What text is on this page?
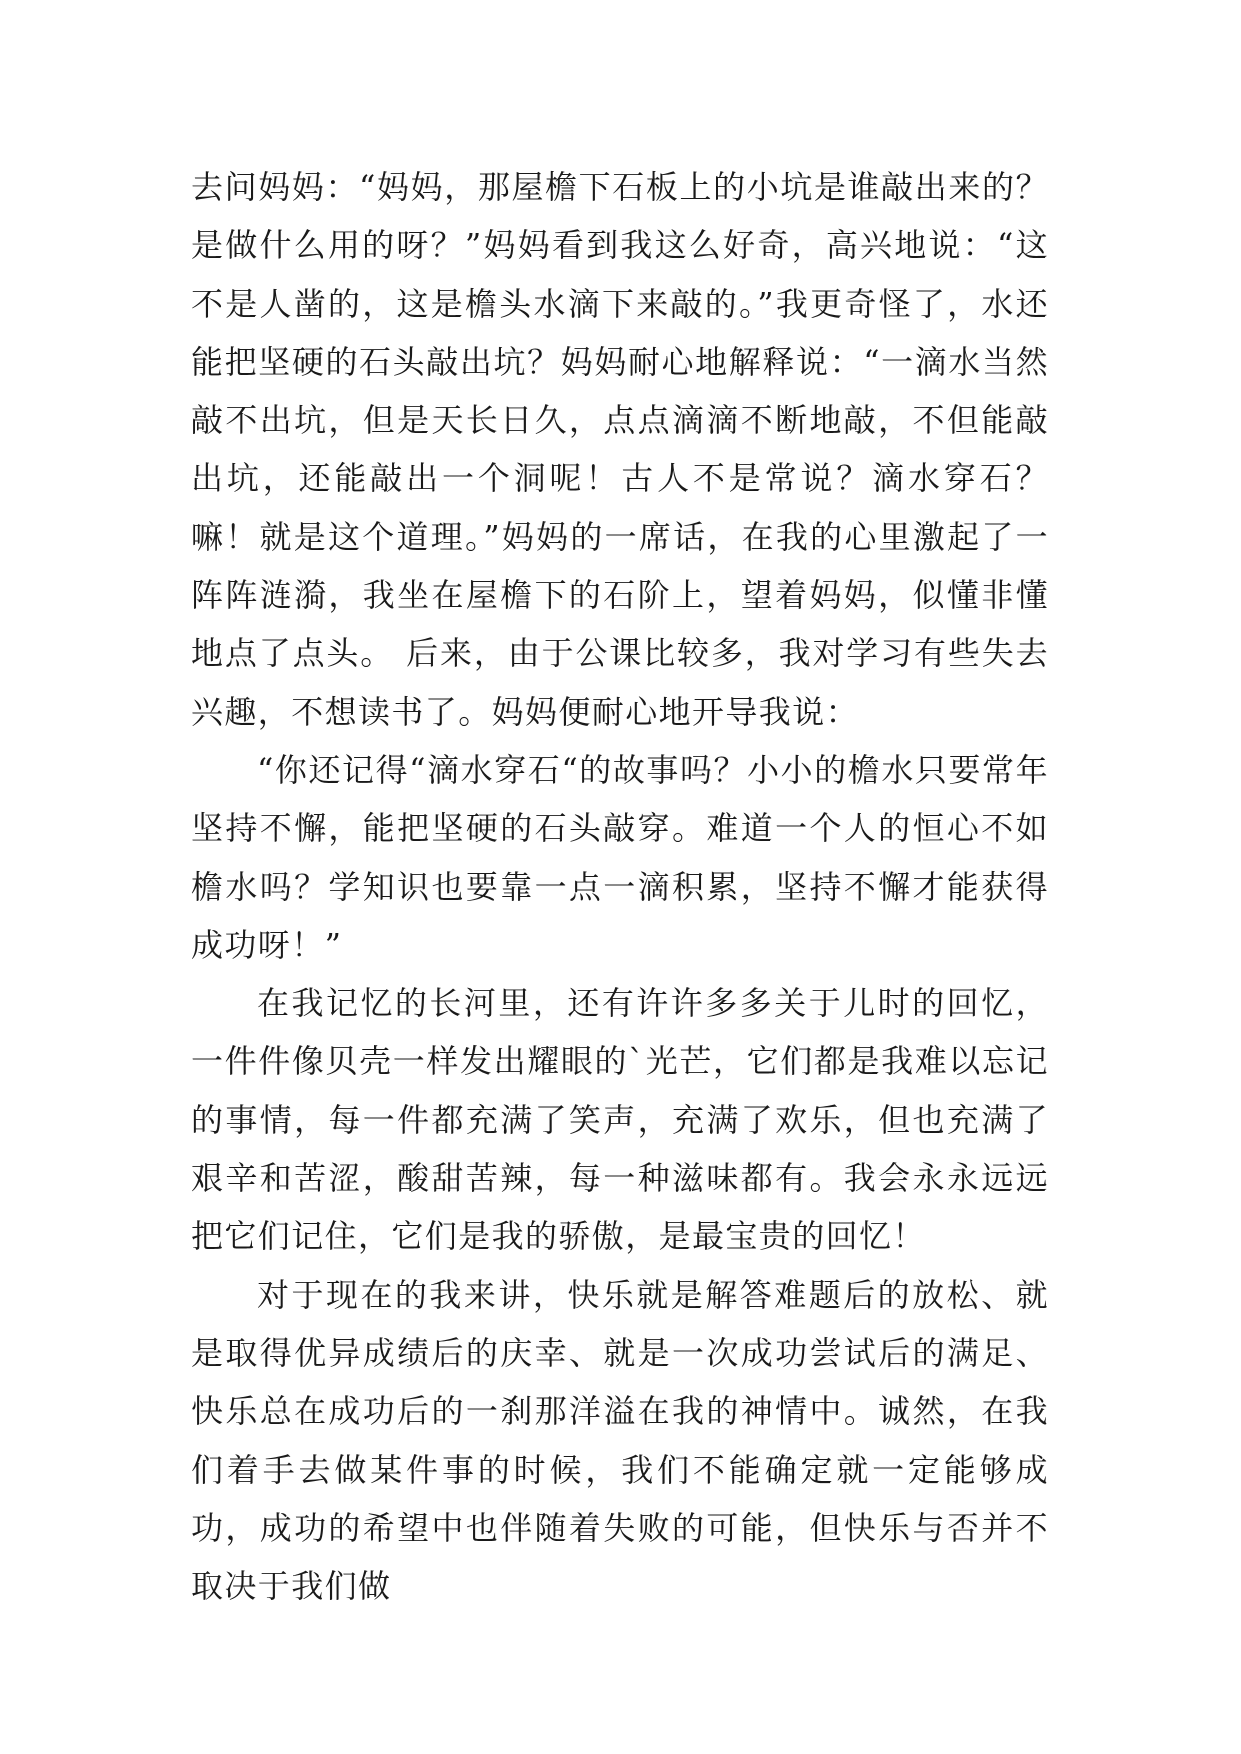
去问妈妈：“妈妈，那屋檐下石板上的小坑是谁敲出来的？是做什么用的呀？”妈妈看到我这么好奇，高兴地说：“这不是人凿的，这是檐头水滴下来敲的。”我更奇怪了，水还能把坚硬的石头敲出坑？妈妈耐心地解释说：“一滴水当然敲不出坑，但是天长日久，点点滴滴不断地敲，不但能敲出坑，还能敲出一个洞呢！古人不是常说？滴水穿石？嘛！就是这个道理。”妈妈的一席话，在我的心里激起了一阵阵涟漪，我坐在屋檐下的石阶上，望着妈妈，似懂非懂地点了点头。 后来，由于公课比较多，我对学习有些失去兴趣，不想读书了。妈妈便耐心地开导我说：

“你还记得“滴水穿石“的故事吗？小小的檐水只要常年坚持不懈，能把坚硬的石头敲穿。难道一个人的恒心不如檐水吗？学知识也要靠一点一滴积累，坚持不懈才能获得成功呀！”

在我记忆的长河里，还有许许多多关于儿时的回忆，一件件像贝壳一样发出耀眼的`光芒，它们都是我难以忘记的事情，每一件都充满了笑声，充满了欢乐，但也充满了艰辛和苦涩，酸甜苦辣，每一种滋味都有。我会永永远远把它们记住，它们是我的骄傲，是最宝贵的回忆！

对于现在的我来讲，快乐就是解答难题后的放松、就是取得优异成绩后的庆幸、就是一次成功尝试后的满足、快乐总在成功后的一刹那洋溢在我的神情中。诚然，在我们着手去做某件事的时候，我们不能确定就一定能够成功，成功的希望中也伴随着失败的可能，但快乐与否并不取决于我们做
